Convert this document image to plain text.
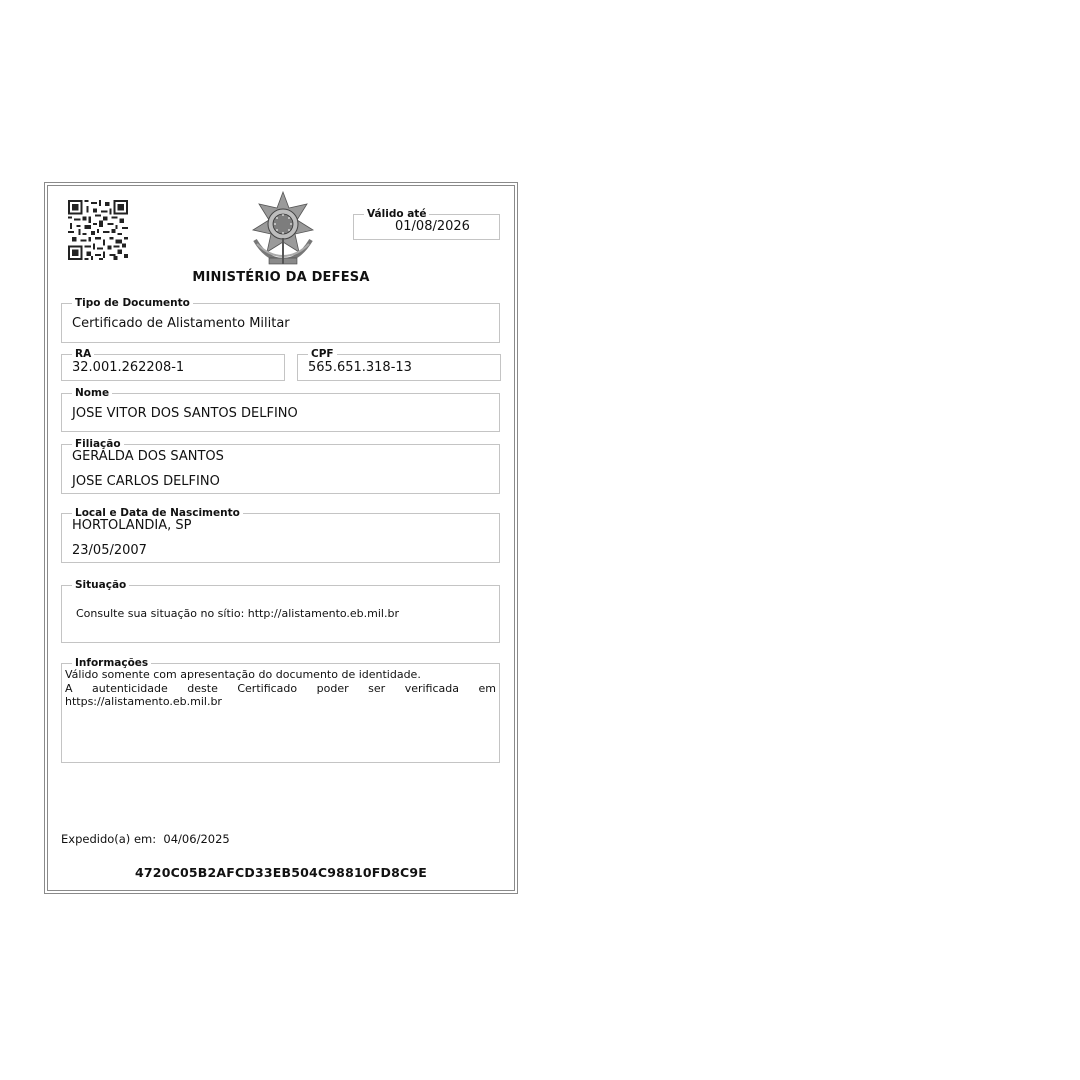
Válido até
01/08/2026
MINISTÉRIO DA DEFESA
Tipo de Documento
Certificado de Alistamento Militar
RA
32.001.262208-1
CPF
565.651.318-13
Nome
JOSE VITOR DOS SANTOS DELFINO
Filiação
GERALDA DOS SANTOS
JOSE CARLOS DELFINO
Local e Data de Nascimento
HORTOLANDIA, SP
23/05/2007
Situação
Consulte sua situação no sítio: http://alistamento.eb.mil.br
Informações
Válido somente com apresentação do documento de identidade.
A autenticidade deste Certificado poder ser verificada em
https://alistamento.eb.mil.br
Expedido(a) em: 04/06/2025
4720C05B2AFCD33EB504C98810FD8C9E
